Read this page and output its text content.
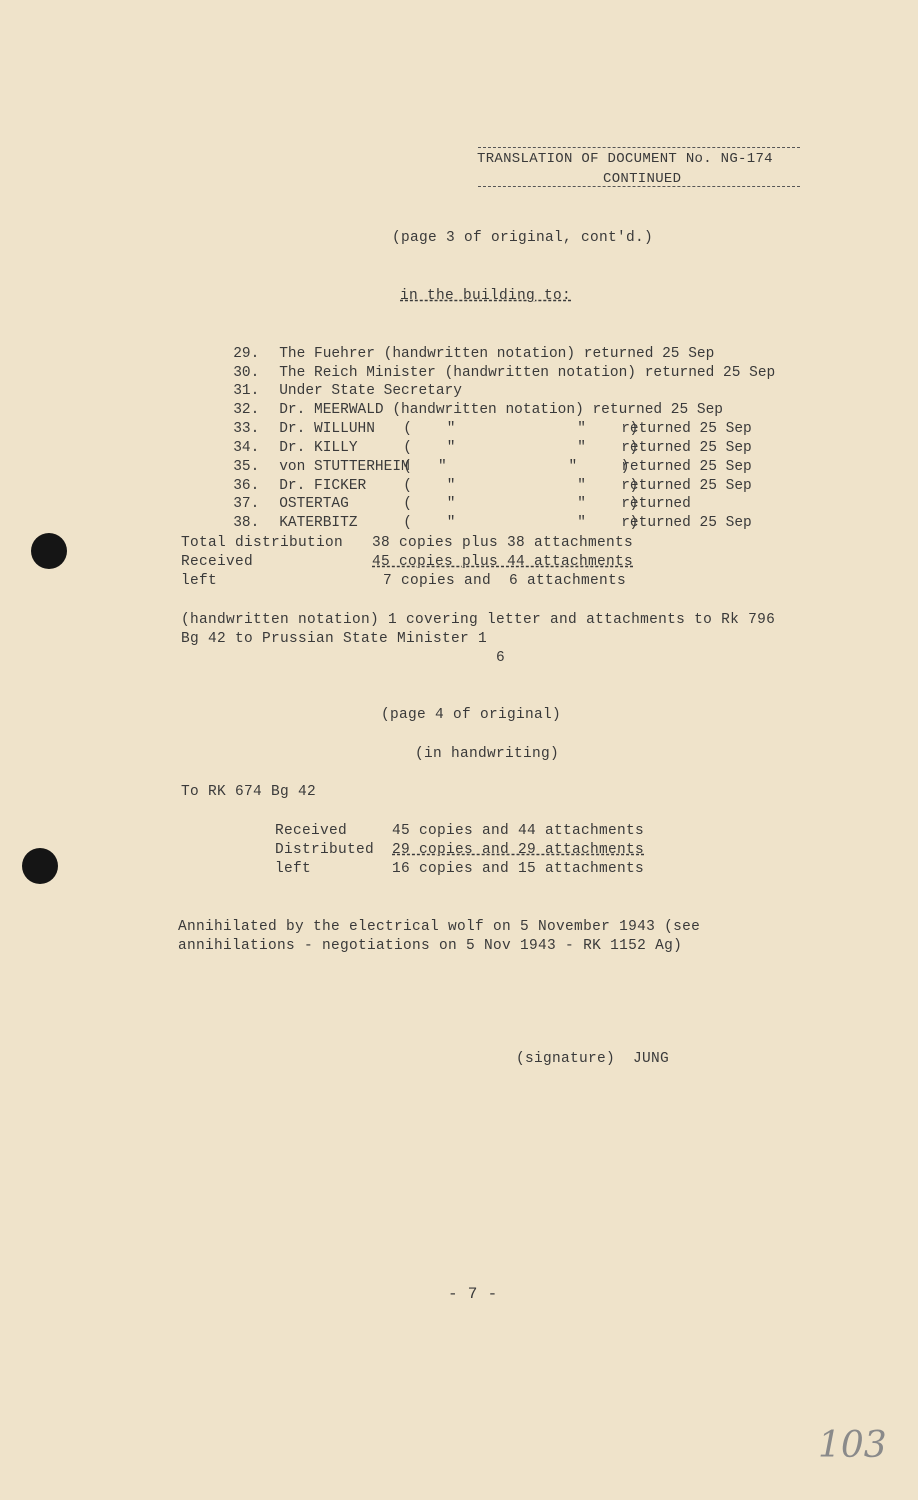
TRANSLATION OF DOCUMENT No. NG-174
CONTINUED
(page 3 of original, cont'd.)
in the building to:

29. The Fuehrer (handwritten notation) returned 25 Sep

30. The Reich Minister (handwritten notation) returned 25 Sep

31. Under State Secretary

32. Dr. MEERWALD (handwritten notation) returned 25 Sep

33. Dr. WILLUHN (    "              "     )returned 25 Sep

34. Dr. KILLY	(    "              "     )returned 25 Sep

35. von STUTTERHEIM(   "              "     )returned 25 Sep

36. Dr. FICKER	(    "              "     )returned 25 Sep

37. OSTERTAG	(    "              "     )returned

38. KATERBITZ	(    "              "     )returned 25 Sep

Total distribution 38 copies plus 38 attachments
Received	45 copies plus 44 attachments
left	7 copies and  6 attachments
(handwritten notation) 1 covering letter and attachments to Rk 796
Bg 42 to Prussian State Minister 1
6
(page 4 of original)
(in handwriting)
To RK 674 Bg 42
Received	45 copies and 44 attachments
Distributed 29 copies and 29 attachments
left	16 copies and 15 attachments
Annihilated by the electrical wolf on 5 November 1943 (see
annihilations - negotiations on 5 Nov 1943 - RK 1152 Ag)
(signature)  JUNG
- 7 -
103
